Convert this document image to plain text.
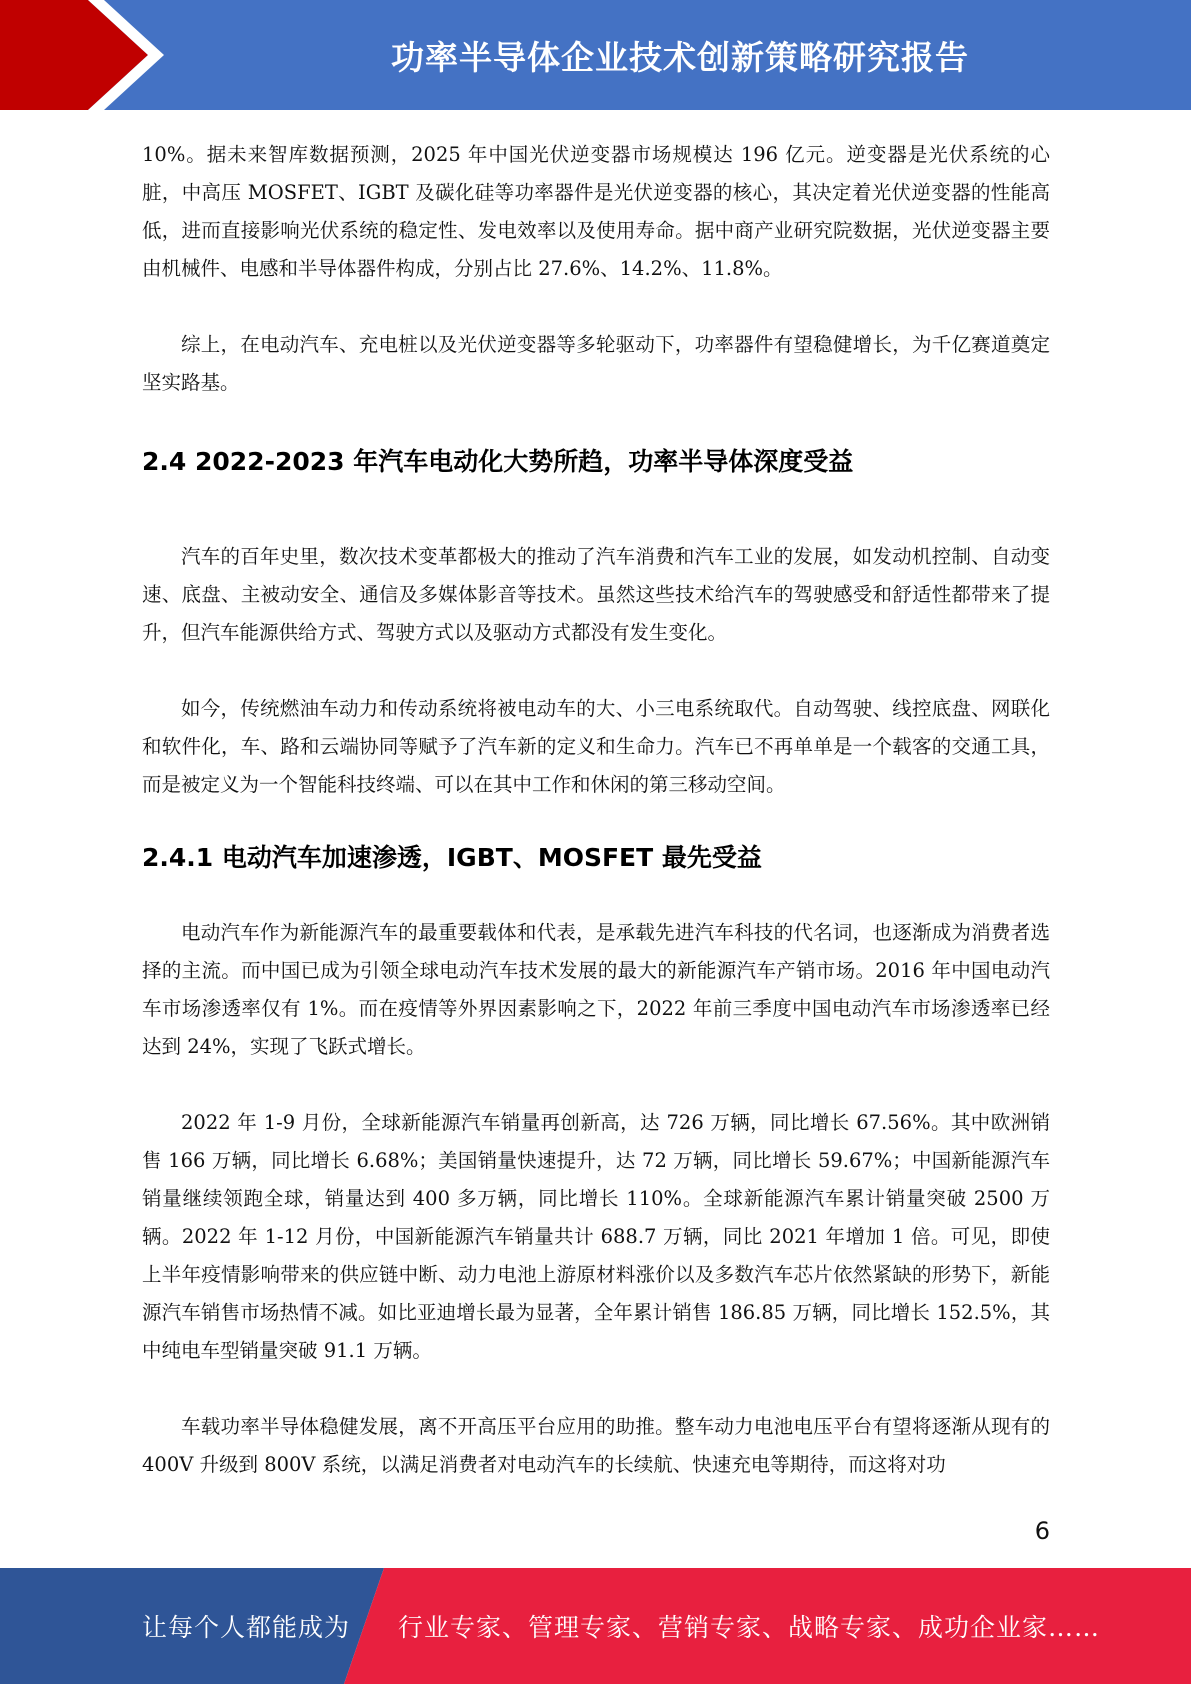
功率半导体企业技术创新策略研究报告

10%。据未来智库数据预测，2025 年中国光伏逆变器市场规模达 196 亿元。逆变器是光伏系统的心脏，中高压 MOSFET、IGBT 及碳化硅等功率器件是光伏逆变器的核心，其决定着光伏逆变器的性能高低，进而直接影响光伏系统的稳定性、发电效率以及使用寿命。据中商产业研究院数据，光伏逆变器主要由机械件、电感和半导体器件构成，分别占比 27.6%、14.2%、11.8%。

综上，在电动汽车、充电桩以及光伏逆变器等多轮驱动下，功率器件有望稳健增长，为千亿赛道奠定坚实路基。

2.4 2022-2023 年汽车电动化大势所趋，功率半导体深度受益

汽车的百年史里，数次技术变革都极大的推动了汽车消费和汽车工业的发展，如发动机控制、自动变速、底盘、主被动安全、通信及多媒体影音等技术。虽然这些技术给汽车的驾驶感受和舒适性都带来了提升，但汽车能源供给方式、驾驶方式以及驱动方式都没有发生变化。

如今，传统燃油车动力和传动系统将被电动车的大、小三电系统取代。自动驾驶、线控底盘、网联化和软件化，车、路和云端协同等赋予了汽车新的定义和生命力。汽车已不再单单是一个载客的交通工具，而是被定义为一个智能科技终端、可以在其中工作和休闲的第三移动空间。

2.4.1 电动汽车加速渗透，IGBT、MOSFET 最先受益

电动汽车作为新能源汽车的最重要载体和代表，是承载先进汽车科技的代名词，也逐渐成为消费者选择的主流。而中国已成为引领全球电动汽车技术发展的最大的新能源汽车产销市场。2016 年中国电动汽车市场渗透率仅有 1%。而在疫情等外界因素影响之下，2022 年前三季度中国电动汽车市场渗透率已经达到 24%，实现了飞跃式增长。

2022 年 1-9 月份，全球新能源汽车销量再创新高，达 726 万辆，同比增长 67.56%。其中欧洲销售 166 万辆，同比增长 6.68%；美国销量快速提升，达 72 万辆，同比增长 59.67%；中国新能源汽车销量继续领跑全球，销量达到 400 多万辆，同比增长 110%。全球新能源汽车累计销量突破 2500 万辆。2022 年 1-12 月份，中国新能源汽车销量共计 688.7 万辆，同比 2021 年增加 1 倍。可见，即使上半年疫情影响带来的供应链中断、动力电池上游原材料涨价以及多数汽车芯片依然紧缺的形势下，新能源汽车销售市场热情不减。如比亚迪增长最为显著，全年累计销售 186.85 万辆，同比增长 152.5%，其中纯电车型销量突破 91.1 万辆。

车载功率半导体稳健发展，离不开高压平台应用的助推。整车动力电池电压平台有望将逐渐从现有的 400V 升级到 800V 系统，以满足消费者对电动汽车的长续航、快速充电等期待，而这将对功

6
让每个人都能成为 行业专家、管理专家、营销专家、战略专家、成功企业家……
